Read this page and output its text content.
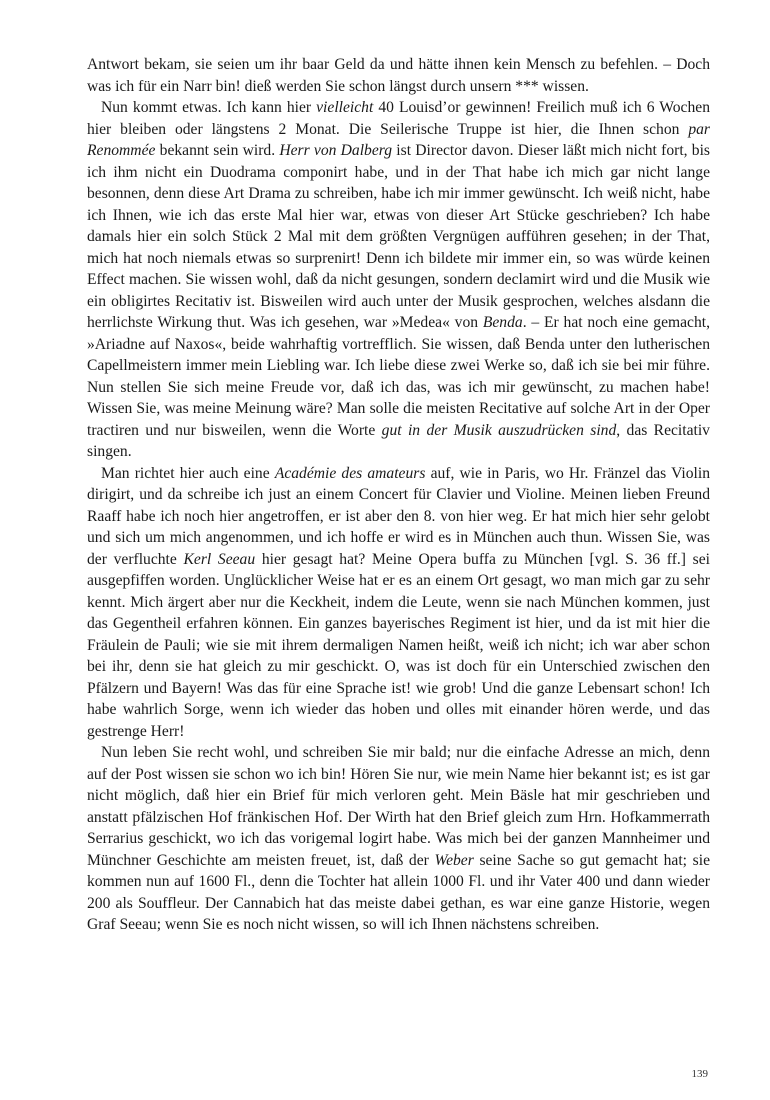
Antwort bekam, sie seien um ihr baar Geld da und hätte ihnen kein Mensch zu befehlen. – Doch was ich für ein Narr bin! dieß werden Sie schon längst durch unsern *** wissen.

Nun kommt etwas. Ich kann hier vielleicht 40 Louisd’or gewinnen! Freilich muß ich 6 Wochen hier bleiben oder längstens 2 Monat. Die Seilerische Truppe ist hier, die Ihnen schon par Renommée bekannt sein wird. Herr von Dalberg ist Director davon. Dieser läßt mich nicht fort, bis ich ihm nicht ein Duodrama componirt habe, und in der That habe ich mich gar nicht lange besonnen, denn diese Art Drama zu schreiben, habe ich mir immer gewünscht. Ich weiß nicht, habe ich Ihnen, wie ich das erste Mal hier war, etwas von dieser Art Stücke geschrieben? Ich habe damals hier ein solch Stück 2 Mal mit dem größten Vergnügen aufführen gesehen; in der That, mich hat noch niemals etwas so surprenirt! Denn ich bildete mir immer ein, so was würde keinen Effect machen. Sie wissen wohl, daß da nicht gesungen, sondern declamirt wird und die Musik wie ein obligirtes Recitativ ist. Bisweilen wird auch unter der Musik gesprochen, welches alsdann die herrlichste Wirkung thut. Was ich gesehen, war »Medea« von Benda. – Er hat noch eine gemacht, »Ariadne auf Naxos«, beide wahrhaftig vortrefflich. Sie wissen, daß Benda unter den lutherischen Capellmeistern immer mein Liebling war. Ich liebe diese zwei Werke so, daß ich sie bei mir führe. Nun stellen Sie sich meine Freude vor, daß ich das, was ich mir gewünscht, zu machen habe! Wissen Sie, was meine Meinung wäre? Man solle die meisten Recitative auf solche Art in der Oper tractiren und nur bisweilen, wenn die Worte gut in der Musik auszudrücken sind, das Recitativ singen.

Man richtet hier auch eine Académie des amateurs auf, wie in Paris, wo Hr. Fränzel das Violin dirigirt, und da schreibe ich just an einem Concert für Clavier und Violine. Meinen lieben Freund Raaff habe ich noch hier angetroffen, er ist aber den 8. von hier weg. Er hat mich hier sehr gelobt und sich um mich angenommen, und ich hoffe er wird es in München auch thun. Wissen Sie, was der verfluchte Kerl Seeau hier gesagt hat? Meine Opera buffa zu München [vgl. S. 36 ff.] sei ausgepfiffen worden. Unglücklicher Weise hat er es an einem Ort gesagt, wo man mich gar zu sehr kennt. Mich ärgert aber nur die Keckheit, indem die Leute, wenn sie nach München kommen, just das Gegentheil erfahren können. Ein ganzes bayerisches Regiment ist hier, und da ist mit hier die Fräulein de Pauli; wie sie mit ihrem dermaligen Namen heißt, weiß ich nicht; ich war aber schon bei ihr, denn sie hat gleich zu mir geschickt. O, was ist doch für ein Unterschied zwischen den Pfälzern und Bayern! Was das für eine Sprache ist! wie grob! Und die ganze Lebensart schon! Ich habe wahrlich Sorge, wenn ich wieder das hoben und olles mit einander hören werde, und das gestrenge Herr!

Nun leben Sie recht wohl, und schreiben Sie mir bald; nur die einfache Adresse an mich, denn auf der Post wissen sie schon wo ich bin! Hören Sie nur, wie mein Name hier bekannt ist; es ist gar nicht möglich, daß hier ein Brief für mich verloren geht. Mein Bäsle hat mir geschrieben und anstatt pfälzischen Hof fränkischen Hof. Der Wirth hat den Brief gleich zum Hrn. Hofkammerrath Serrarius geschickt, wo ich das vorigemal logirt habe. Was mich bei der ganzen Mannheimer und Münchner Geschichte am meisten freuet, ist, daß der Weber seine Sache so gut gemacht hat; sie kommen nun auf 1600 Fl., denn die Tochter hat allein 1000 Fl. und ihr Vater 400 und dann wieder 200 als Souffleur. Der Cannabich hat das meiste dabei gethan, es war eine ganze Historie, wegen Graf Seeau; wenn Sie es noch nicht wissen, so will ich Ihnen nächstens schreiben.

139
